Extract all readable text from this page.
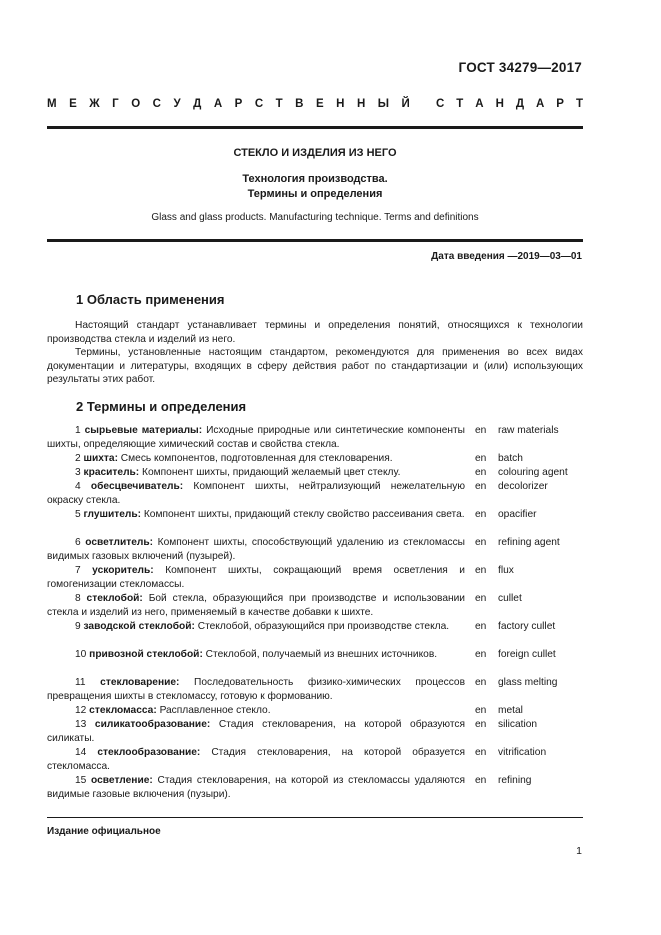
ГОСТ 34279—2017
М Е Ж Г О С У Д А Р С Т В Е Н Н Ы Й С Т А Н Д А Р Т
СТЕКЛО И ИЗДЕЛИЯ ИЗ НЕГО
Технология производства.
Термины и определения
Glass and glass products. Manufacturing technique. Terms and definitions
Дата введения —2019—03—01
1 Область применения
Настоящий стандарт устанавливает термины и определения понятий, относящихся к технологии производства стекла и изделий из него.
Термины, установленные настоящим стандартом, рекомендуются для применения во всех видах документации и литературы, входящих в сферу действия работ по стандартизации и (или) использующих результаты этих работ.
2 Термины и определения
1 сырьевые материалы: Исходные природные или синтетические компоненты шихты, определяющие химический состав и свойства стекла.
en raw materials
2 шихта: Смесь компонентов, подготовленная для стекловарения.	en batch
3 краситель: Компонент шихты, придающий желаемый цвет стеклу.	en colouring agent
4 обесцвечиватель: Компонент шихты, нейтрализующий нежелательную окраску стекла.
en decolorizer
5 глушитель: Компонент шихты, придающий стеклу свойство рассеивания света. en opacifier
6 осветлитель: Компонент шихты, способствующий удалению из стекломассы видимых газовых включений (пузырей).
en refining agent
7 ускоритель: Компонент шихты, сокращающий время осветления и гомогенизации стекломассы.
en flux
8 стеклобой: Бой стекла, образующийся при производстве и использовании стекла и изделий из него, применяемый в качестве добавки к шихте.
en cullet
9 заводской стеклобой: Стеклобой, образующийся при производстве стекла.	en factory cullet
10 привозной стеклобой: Стеклобой, получаемый из внешних источников.	en foreign cullet
11 стекловарение: Последовательность физико-химических процессов превращения шихты в стекломассу, готовую к формованию.
en glass melting
12 стекломасса: Расплавленное стекло.	en metal
13 силикатообразование: Стадия стекловарения, на которой образуются силикаты.
en silication
14 стеклообразование: Стадия стекловарения, на которой образуется стекломасса.
en vitrification
15 осветление: Стадия стекловарения, на которой из стекломассы удаляются видимые газовые включения (пузыри).
en refining
Издание официальное
1
